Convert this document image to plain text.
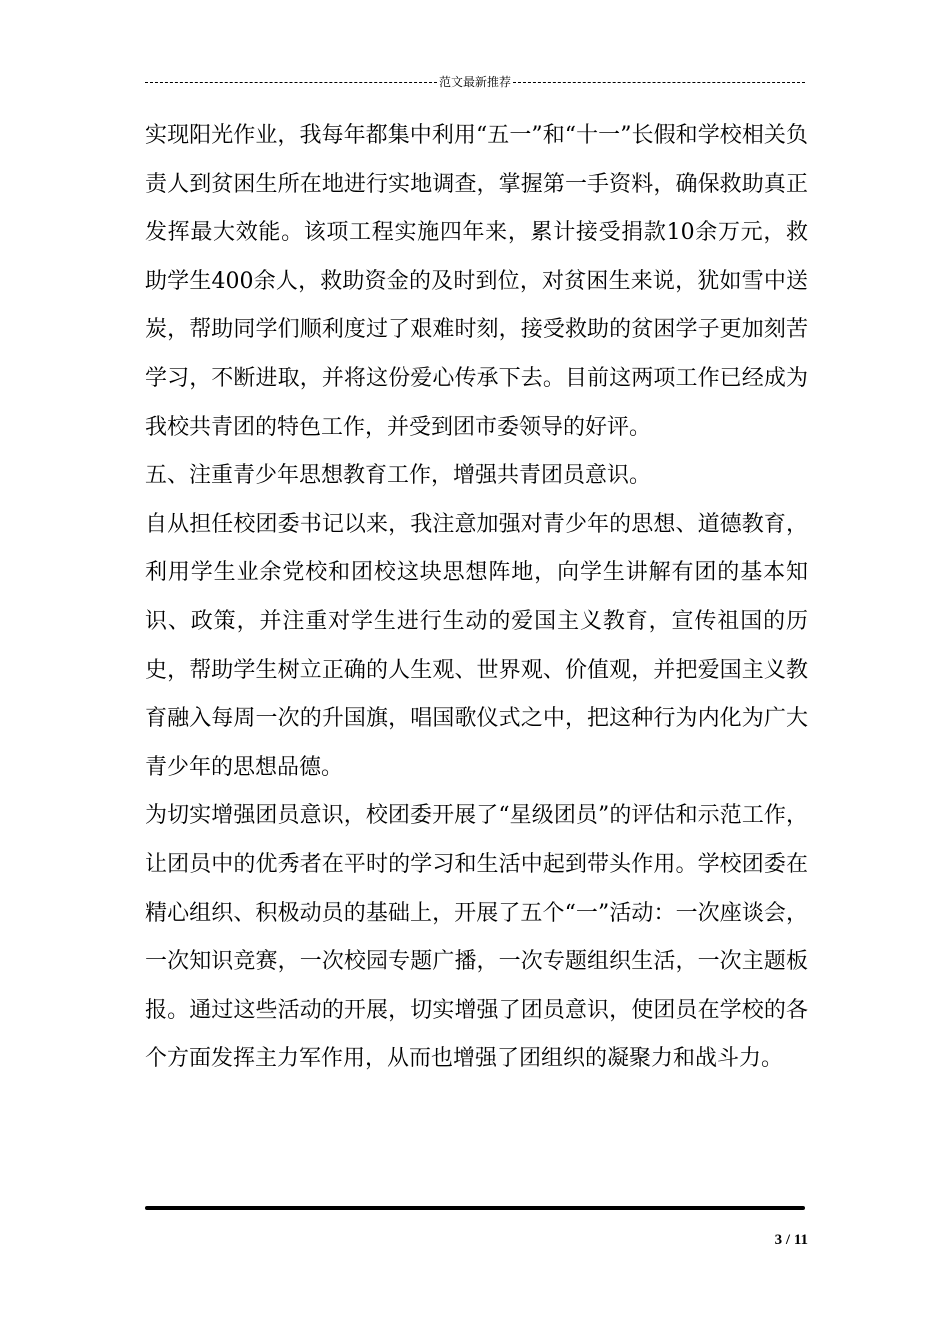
范文最新推荐

实现阳光作业，我每年都集中利用“五一”和“十一”长假和学校相关负责人到贫困生所在地进行实地调查，掌握第一手资料，确保救助真正发挥最大效能。该项工程实施四年来，累计接受捐款10余万元，救助学生400余人，救助资金的及时到位，对贫困生来说，犹如雪中送炭，帮助同学们顺利度过了艰难时刻，接受救助的贫困学子更加刻苦学习，不断进取，并将这份爱心传承下去。目前这两项工作已经成为我校共青团的特色工作，并受到团市委领导的好评。

五、注重青少年思想教育工作，增强共青团员意识。

自从担任校团委书记以来，我注意加强对青少年的思想、道德教育，利用学生业余党校和团校这块思想阵地，向学生讲解有团的基本知识、政策，并注重对学生进行生动的爱国主义教育，宣传祖国的历史，帮助学生树立正确的人生观、世界观、价值观，并把爱国主义教育融入每周一次的升国旗，唱国歌仪式之中，把这种行为内化为广大青少年的思想品德。

为切实增强团员意识，校团委开展了“星级团员”的评估和示范工作，让团员中的优秀者在平时的学习和生活中起到带头作用。学校团委在精心组织、积极动员的基础上，开展了五个“一”活动：一次座谈会，一次知识竞赛，一次校园专题广播，一次专题组织生活，一次主题板报。通过这些活动的开展，切实增强了团员意识，使团员在学校的各个方面发挥主力军作用，从而也增强了团组织的凝聚力和战斗力。

3 / 11
